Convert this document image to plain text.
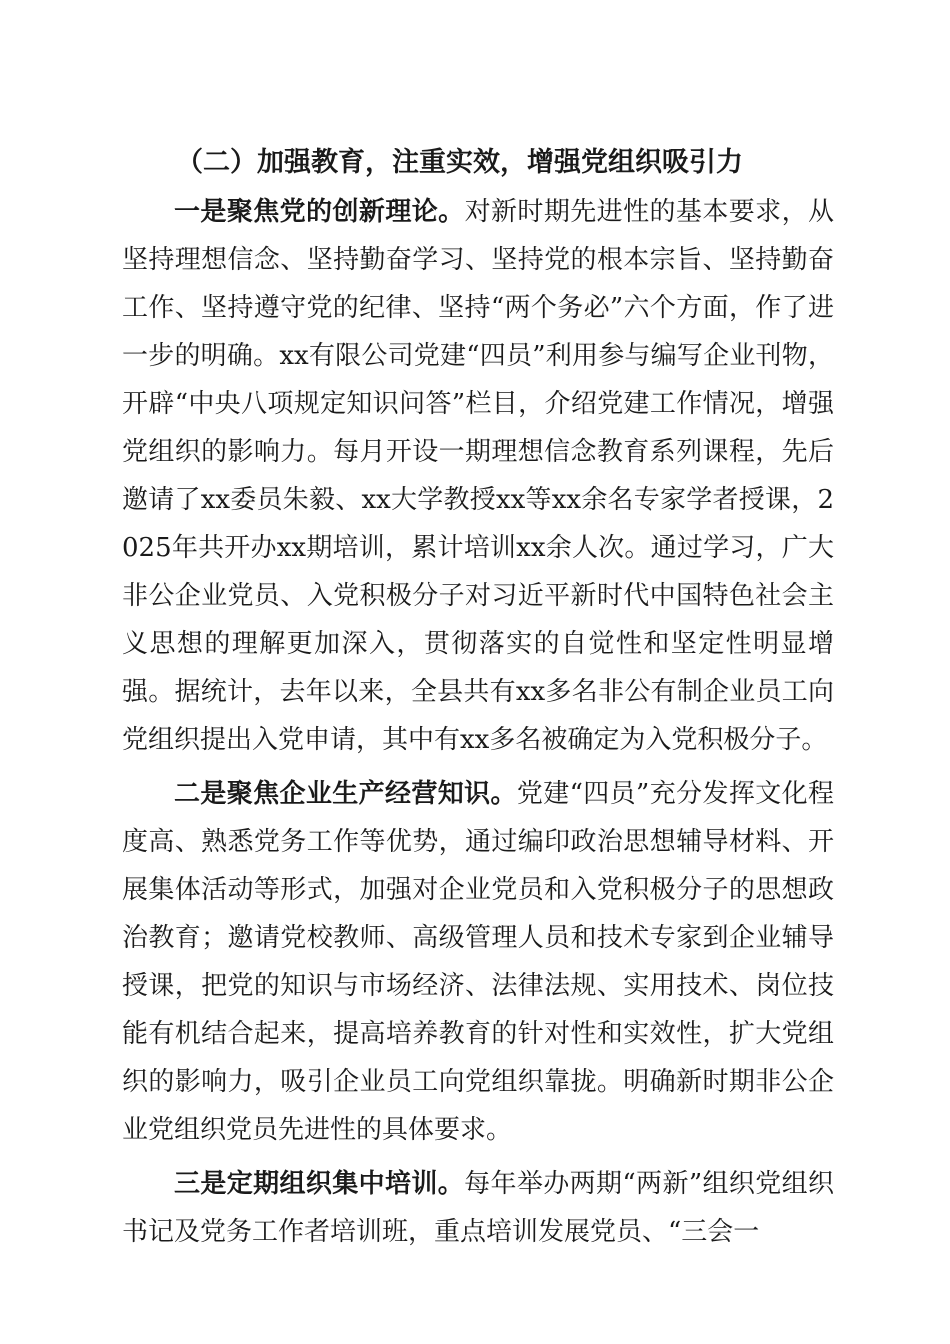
（二）加强教育，注重实效，增强党组织吸引力

一是聚焦党的创新理论。对新时期先进性的基本要求，从坚持理想信念、坚持勤奋学习、坚持党的根本宗旨、坚持勤奋工作、坚持遵守党的纪律、坚持“两个务必”六个方面，作了进一步的明确。xx有限公司党建“四员”利用参与编写企业刊物，开辟“中央八项规定知识问答”栏目，介绍党建工作情况，增强党组织的影响力。每月开设一期理想信念教育系列课程，先后邀请了xx委员朱毅、xx大学教授xx等xx余名专家学者授课，2025年共开办xx期培训，累计培训xx余人次。通过学习，广大非公企业党员、入党积极分子对习近平新时代中国特色社会主义思想的理解更加深入，贯彻落实的自觉性和坚定性明显增强。据统计，去年以来，全县共有xx多名非公有制企业员工向党组织提出入党申请，其中有xx多名被确定为入党积极分子。

二是聚焦企业生产经营知识。党建“四员”充分发挥文化程度高、熟悉党务工作等优势，通过编印政治思想辅导材料、开展集体活动等形式，加强对企业党员和入党积极分子的思想政治教育；邀请党校教师、高级管理人员和技术专家到企业辅导授课，把党的知识与市场经济、法律法规、实用技术、岗位技能有机结合起来，提高培养教育的针对性和实效性，扩大党组织的影响力，吸引企业员工向党组织靠拢。明确新时期非公企业党组织党员先进性的具体要求。

三是定期组织集中培训。每年举办两期“两新”组织党组织书记及党务工作者培训班，重点培训发展党员、“三会一
